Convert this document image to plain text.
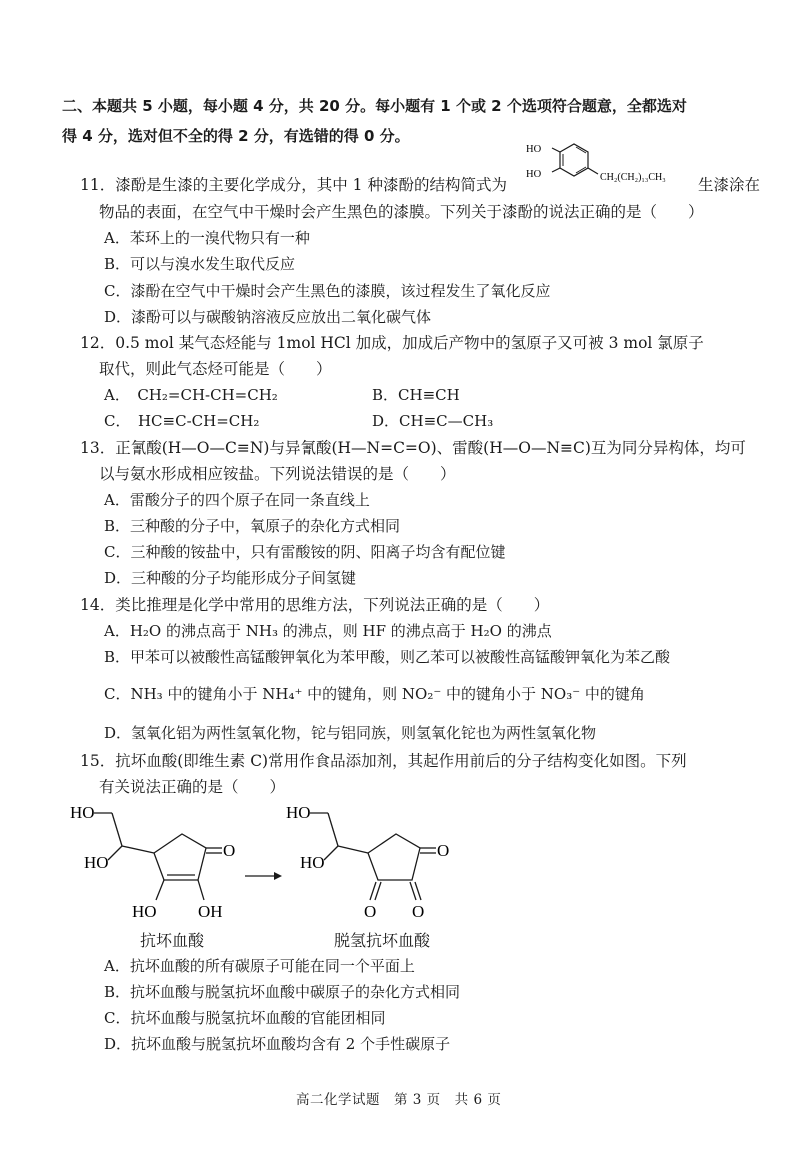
二、本题共 5 小题，每小题 4 分，共 20 分。每小题有 1 个或 2 个选项符合题意，全都选对
得 4 分，选对但不全的得 2 分，有选错的得 0 分。
11．漆酚是生漆的主要化学成分，其中 1 种漆酚的结构简式为
HO
HO	CH₂(CH₂)₁₃CH₃ 生漆涂在
物品的表面，在空气中干燥时会产生黑色的漆膜。下列关于漆酚的说法正确的是（　　）
A．苯环上的一溴代物只有一种
B．可以与溴水发生取代反应
C．漆酚在空气中干燥时会产生黑色的漆膜，该过程发生了氧化反应
D．漆酚可以与碳酸钠溶液反应放出二氧化碳气体
12．0.5 mol 某气态烃能与 1mol HCl 加成，加成后产物中的氢原子又可被 3 mol 氯原子
取代，则此气态烃可能是（　　）
A．　CH₂=CH-CH=CH₂	B．CH≡CH
C．　HC≡C-CH=CH₂	D．CH≡C—CH₃
13．正氰酸(H—O—C≡N)与异氰酸(H—N=C=O)、雷酸(H—O—N≡C)互为同分异构体，均可
以与氨水形成相应铵盐。下列说法错误的是（　　）
A．雷酸分子的四个原子在同一条直线上
B．三种酸的分子中，氧原子的杂化方式相同
C．三种酸的铵盐中，只有雷酸铵的阴、阳离子均含有配位键
D．三种酸的分子均能形成分子间氢键
14．类比推理是化学中常用的思维方法，下列说法正确的是（　　）
A．H₂O 的沸点高于 NH₃ 的沸点，则 HF 的沸点高于 H₂O 的沸点
B．甲苯可以被酸性高锰酸钾氧化为苯甲酸，则乙苯可以被酸性高锰酸钾氧化为苯乙酸
C．NH₃ 中的键角小于 NH₄⁺ 中的键角，则 NO₂⁻ 中的键角小于 NO₃⁻ 中的键角
D．氢氧化铝为两性氢氧化物，铊与铝同族，则氢氧化铊也为两性氢氧化物
15．抗坏血酸(即维生素 C)常用作食品添加剂，其起作用前后的分子结构变化如图。下列
有关说法正确的是（　　）
HO
HO
O
HO OH
HO
HO
O
O O
抗坏血酸	脱氢抗坏血酸
A．抗坏血酸的所有碳原子可能在同一个平面上
B．抗坏血酸与脱氢抗坏血酸中碳原子的杂化方式相同
C．抗坏血酸与脱氢抗坏血酸的官能团相同
D．抗坏血酸与脱氢抗坏血酸均含有 2 个手性碳原子
高二化学试题　第 3 页　共 6 页
